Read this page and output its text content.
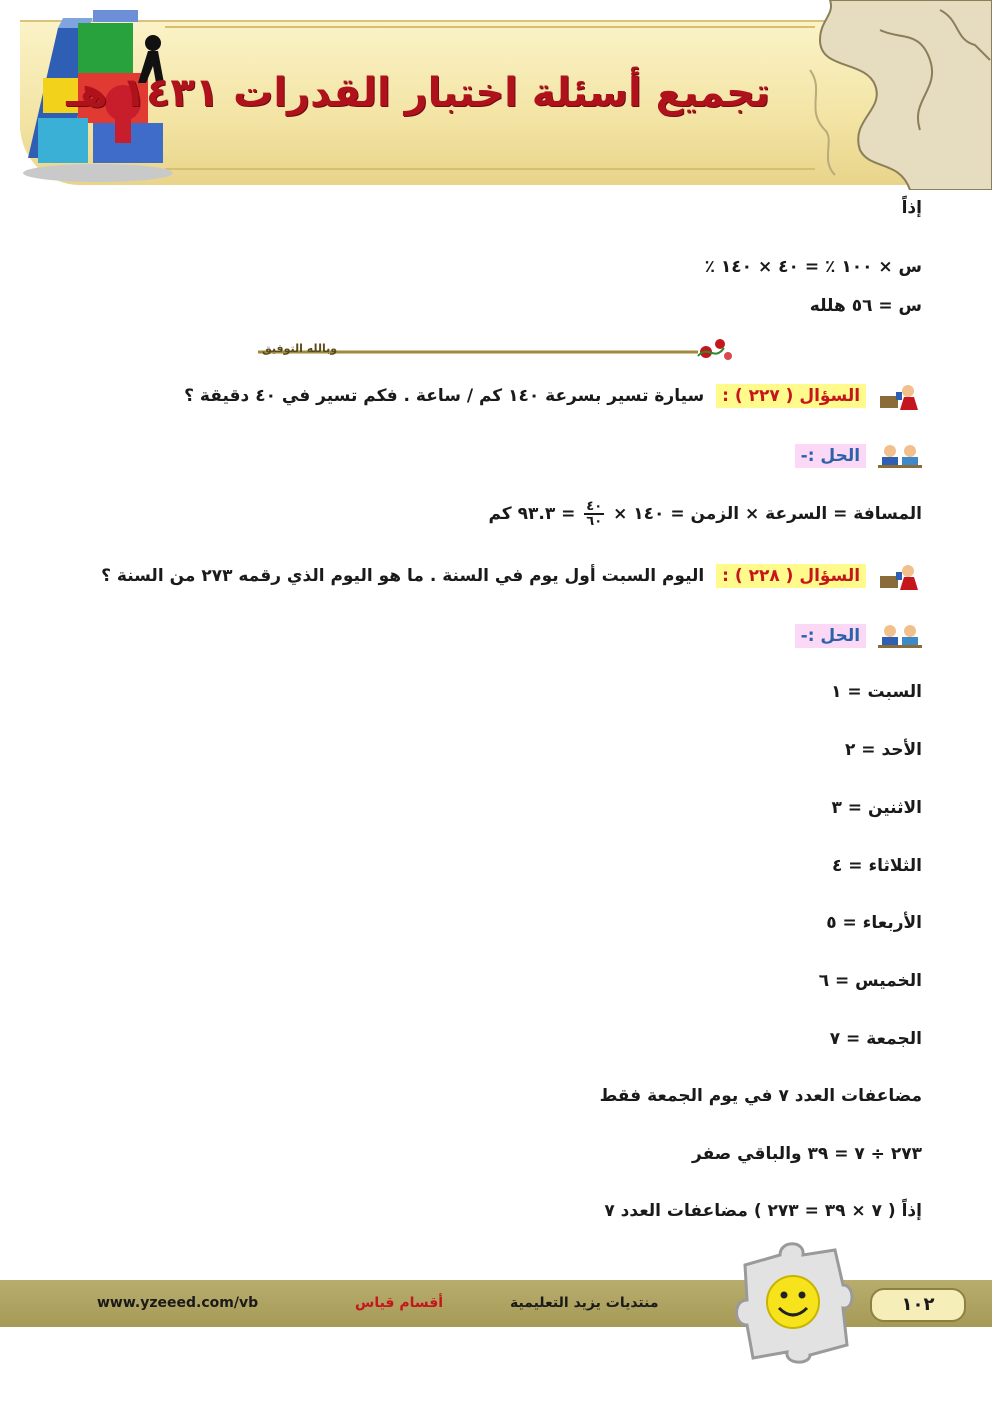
تجميع أسئلة اختبار القدرات ١٤٣١ هـ
إذاً
س × ١٠٠ ٪ = ٤٠ × ١٤٠ ٪
س = ٥٦ هلله
وبالله التوفيق
السؤال ( ٢٢٧ ) : سيارة تسير بسرعة ١٤٠ كم / ساعة . فكم تسير في ٤٠ دقيقة ؟
الحل :-
المسافة = السرعة × الزمن = ١٤٠ ×
$\frac{٤٠}{٦٠}$
= ٩٣.٣ كم
السؤال ( ٢٢٨ ) : اليوم السبت أول يوم في السنة . ما هو اليوم الذي رقمه ٢٧٣ من السنة ؟
الحل :-
السبت = ١
الأحد = ٢
الاثنين = ٣
الثلاثاء = ٤
الأربعاء = ٥
الخميس = ٦
الجمعة = ٧
مضاعفات العدد ٧ في يوم الجمعة فقط
٢٧٣ ÷ ٧ = ٣٩ والباقي صفر
إذاً ( ٧ × ٣٩ = ٢٧٣ ) مضاعفات العدد ٧
www.yzeeed.com/vb	أقسام قياس	منتديات يزيد التعليمية	١٠٢
